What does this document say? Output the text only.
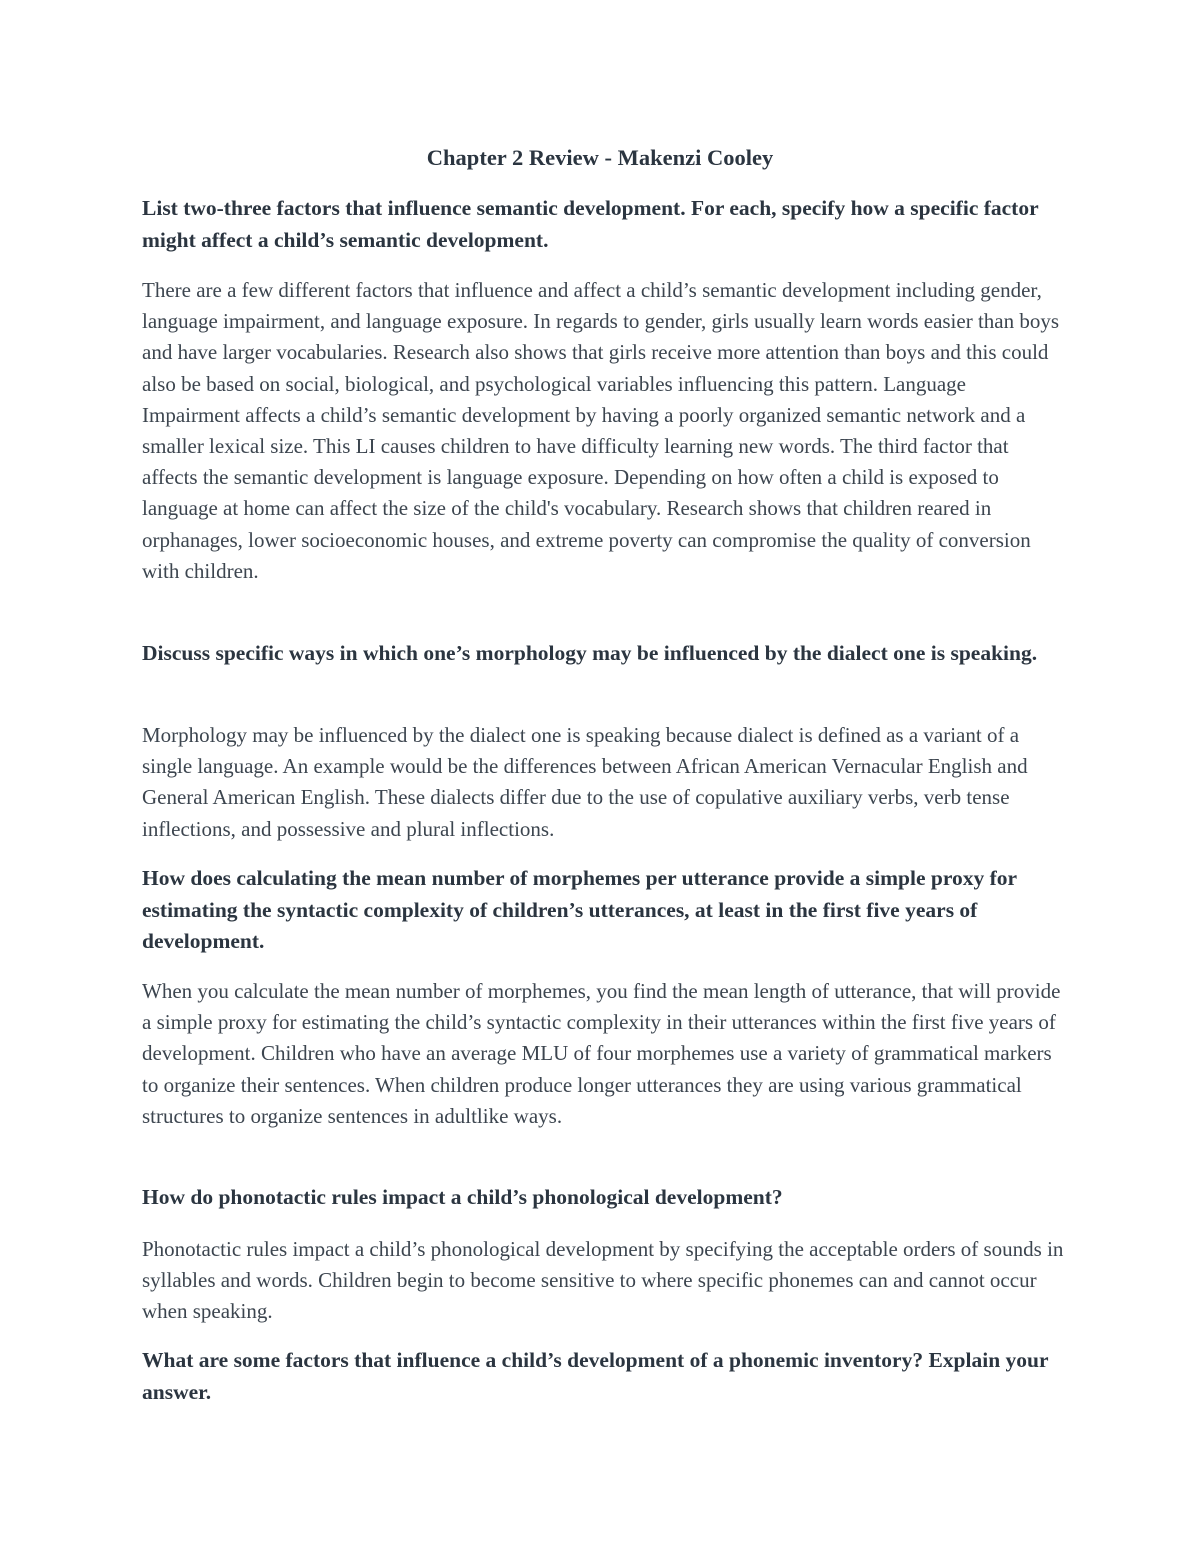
Chapter 2 Review - Makenzi Cooley

List two-three factors that influence semantic development. For each, specify how a specific factor might affect a child’s semantic development.

There are a few different factors that influence and affect a child’s semantic development including gender, language impairment, and language exposure. In regards to gender, girls usually learn words easier than boys and have larger vocabularies. Research also shows that girls receive more attention than boys and this could also be based on social, biological, and psychological variables influencing this pattern. Language Impairment affects a child’s semantic development by having a poorly organized semantic network and a smaller lexical size. This LI causes children to have difficulty learning new words. The third factor that affects the semantic development is language exposure. Depending on how often a child is exposed to language at home can affect the size of the child's vocabulary. Research shows that children reared in orphanages, lower socioeconomic houses, and extreme poverty can compromise the quality of conversion with children.

Discuss specific ways in which one’s morphology may be influenced by the dialect one is speaking.

Morphology may be influenced by the dialect one is speaking because dialect is defined as a variant of a single language. An example would be the differences between African American Vernacular English and General American English. These dialects differ due to the use of copulative auxiliary verbs, verb tense inflections, and possessive and plural inflections.

How does calculating the mean number of morphemes per utterance provide a simple proxy for estimating the syntactic complexity of children’s utterances, at least in the first five years of development.

When you calculate the mean number of morphemes, you find the mean length of utterance, that will provide a simple proxy for estimating the child’s syntactic complexity in their utterances within the first five years of development. Children who have an average MLU of four morphemes use a variety of grammatical markers to organize their sentences. When children produce longer utterances they are using various grammatical structures to organize sentences in adultlike ways.

How do phonotactic rules impact a child’s phonological development?

Phonotactic rules impact a child’s phonological development by specifying the acceptable orders of sounds in syllables and words. Children begin to become sensitive to where specific phonemes can and cannot occur when speaking.

What are some factors that influence a child’s development of a phonemic inventory? Explain your answer.
